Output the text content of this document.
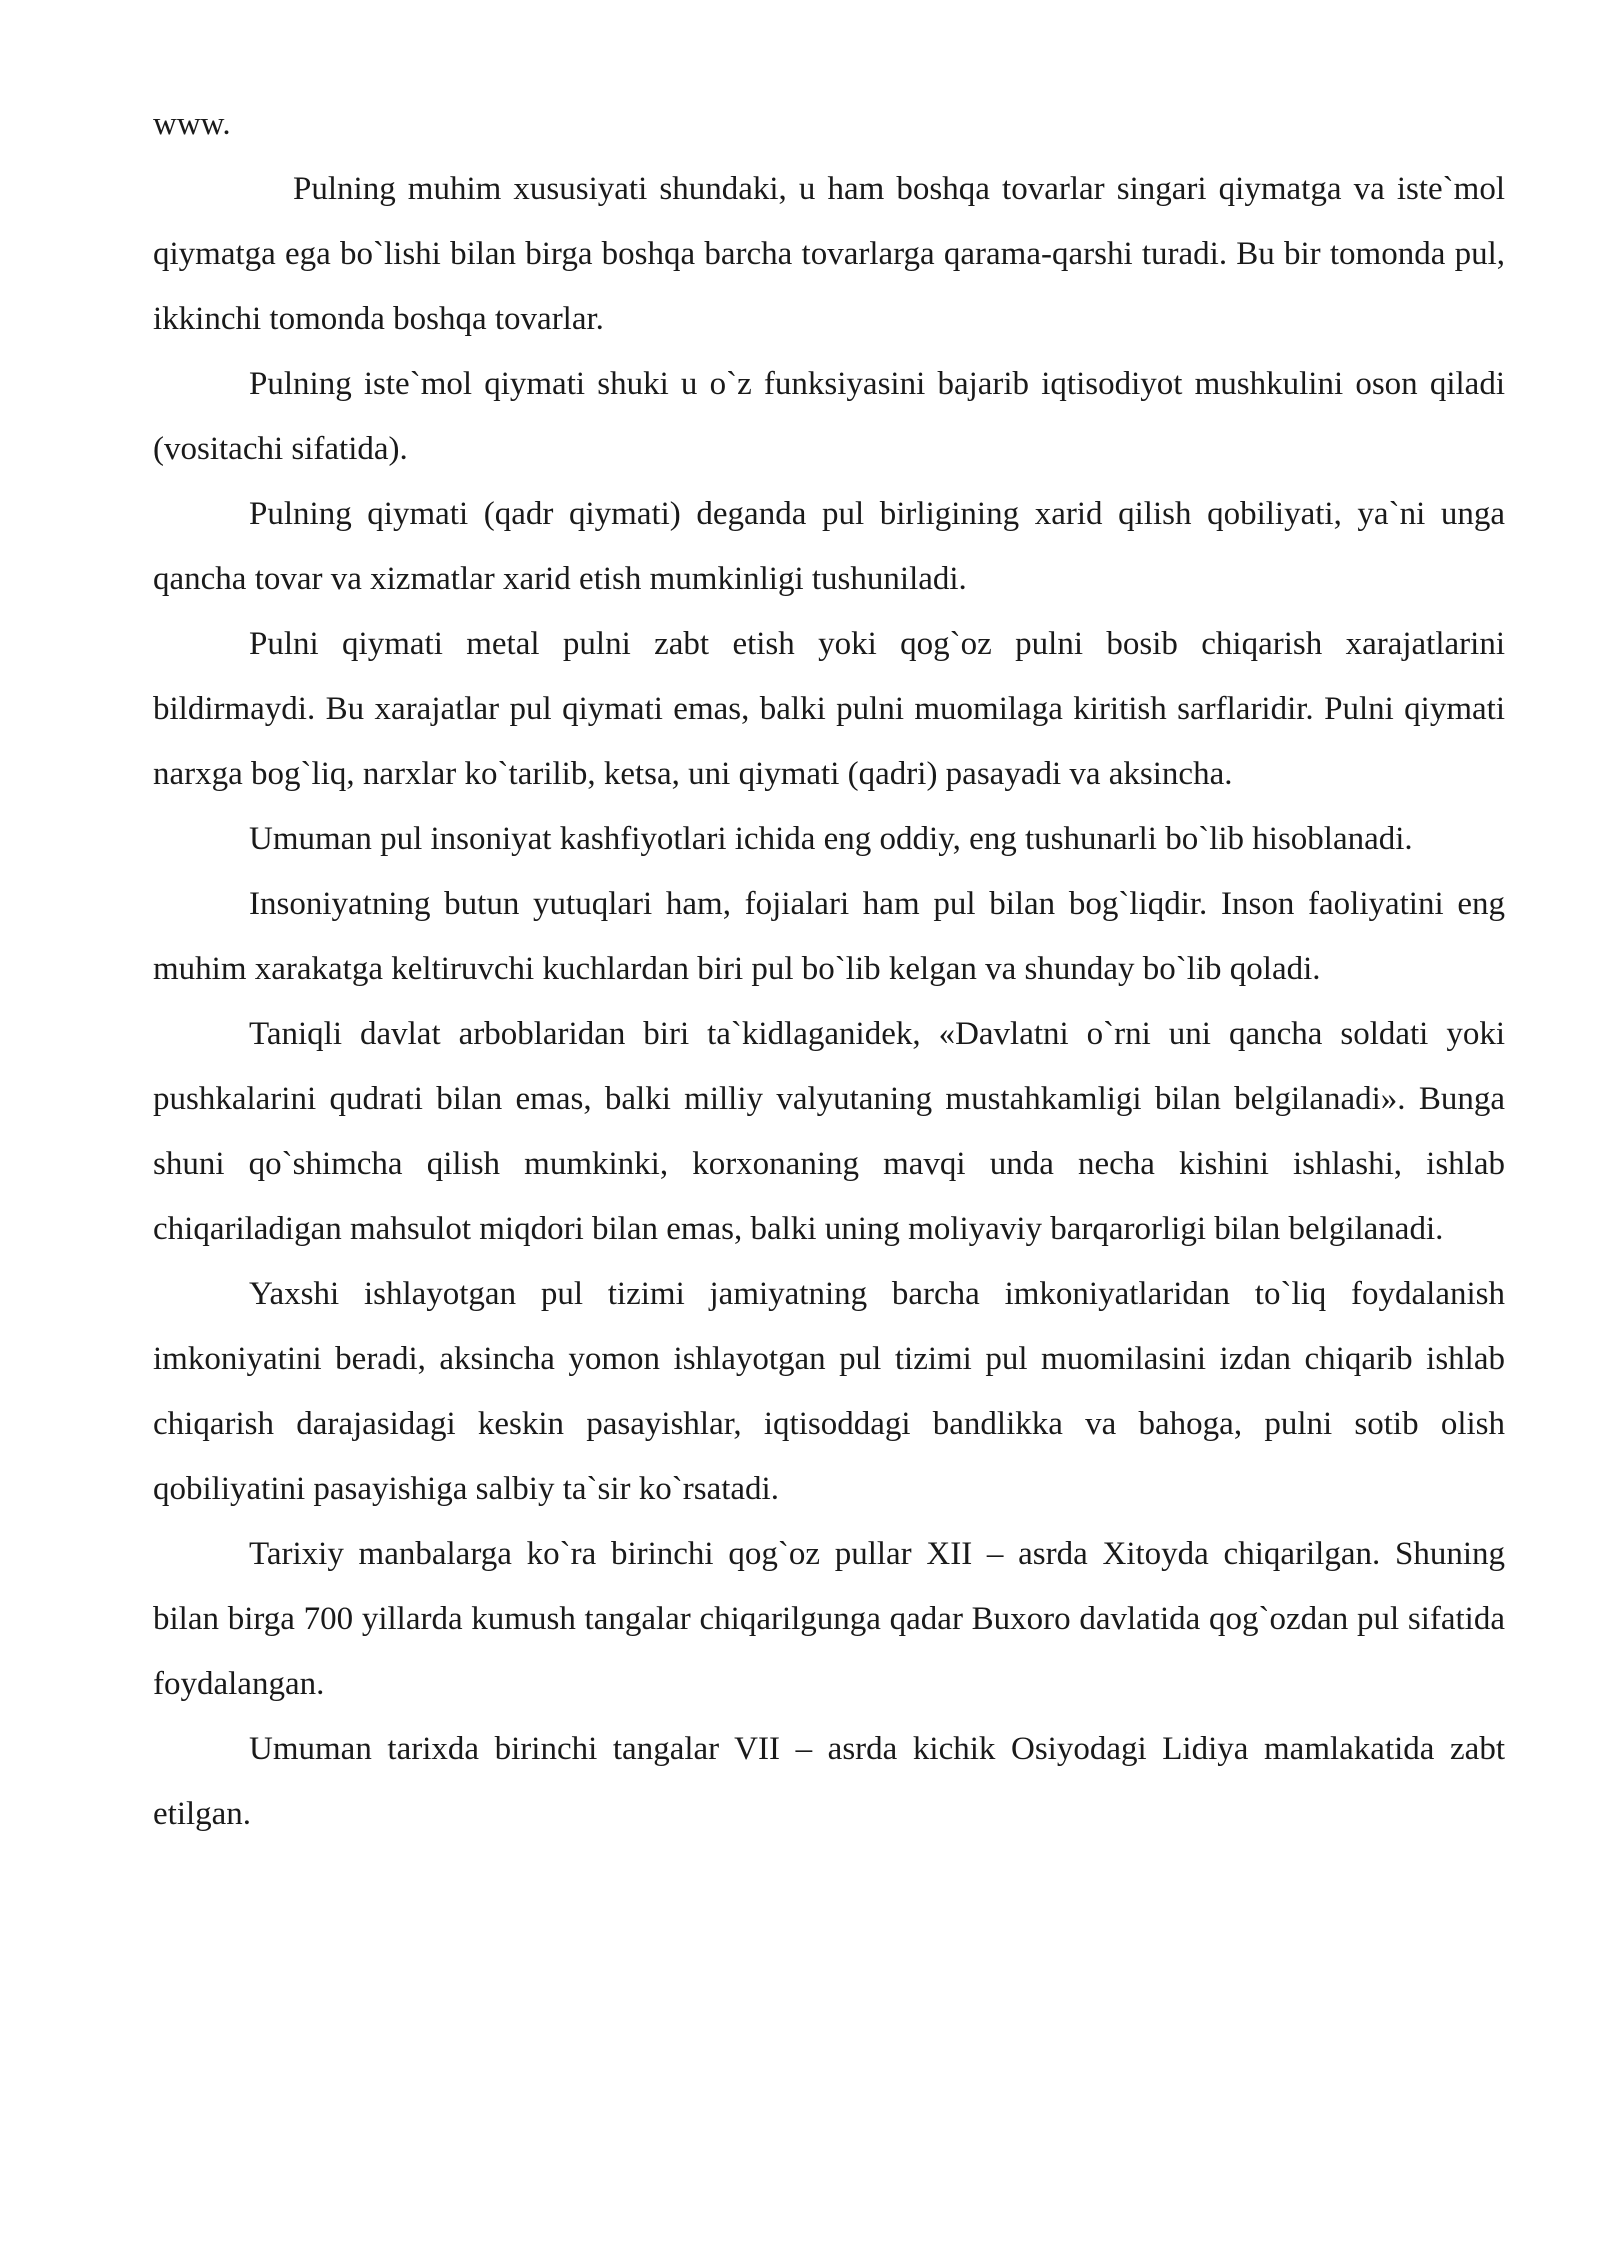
www.

Pulning muhim xususiyati shundaki, u ham boshqa tovarlar singari qiymatga va iste`mol qiymatga ega bo`lishi bilan birga boshqa barcha tovarlarga qarama-qarshi turadi. Bu bir tomonda pul, ikkinchi tomonda boshqa tovarlar.

Pulning iste`mol qiymati shuki u o`z funksiyasini bajarib iqtisodiyot mushkulini oson qiladi (vositachi sifatida).

Pulning qiymati (qadr qiymati) deganda pul birligining xarid qilish qobiliyati, ya`ni unga qancha tovar va xizmatlar xarid etish mumkinligi tushuniladi.

Pulni qiymati metal pulni zabt etish yoki qog`oz pulni bosib chiqarish xarajatlarini bildirmaydi. Bu xarajatlar pul qiymati emas, balki pulni muomilaga kiritish sarflaridir. Pulni qiymati narxga bog`liq, narxlar ko`tarilib, ketsa, uni qiymati (qadri) pasayadi va aksincha.

Umuman pul insoniyat kashfiyotlari ichida eng oddiy, eng tushunarli bo`lib hisoblanadi.

Insoniyatning butun yutuqlari ham, fojialari ham pul bilan bog`liqdir. Inson faoliyatini eng muhim xarakatga keltiruvchi kuchlardan biri pul bo`lib kelgan va shunday bo`lib qoladi.

Taniqli davlat arboblaridan biri ta`kidlaganidek, «Davlatni o`rni uni qancha soldati yoki pushkalarini qudrati bilan emas, balki milliy valyutaning mustahkamligi bilan belgilanadi». Bunga shuni qo`shimcha qilish mumkinki, korxonaning mavqi unda necha kishini ishlashi, ishlab chiqariladigan mahsulot miqdori bilan emas, balki uning moliyaviy barqarorligi bilan belgilanadi.

Yaxshi ishlayotgan pul tizimi jamiyatning barcha imkoniyatlaridan to`liq foydalanish imkoniyatini beradi, aksincha yomon ishlayotgan pul tizimi pul muomilasini izdan chiqarib ishlab chiqarish darajasidagi keskin pasayishlar, iqtisoddagi bandlikka va bahoga, pulni sotib olish qobiliyatini pasayishiga salbiy ta`sir ko`rsatadi.

Tarixiy manbalarga ko`ra birinchi qog`oz pullar XII – asrda Xitoyda chiqarilgan. Shuning bilan birga 700 yillarda kumush tangalar chiqarilgunga qadar Buxoro davlatida qog`ozdan pul sifatida foydalangan.

Umuman tarixda birinchi tangalar VII – asrda kichik Osiyodagi Lidiya mamlakatida zabt etilgan.
